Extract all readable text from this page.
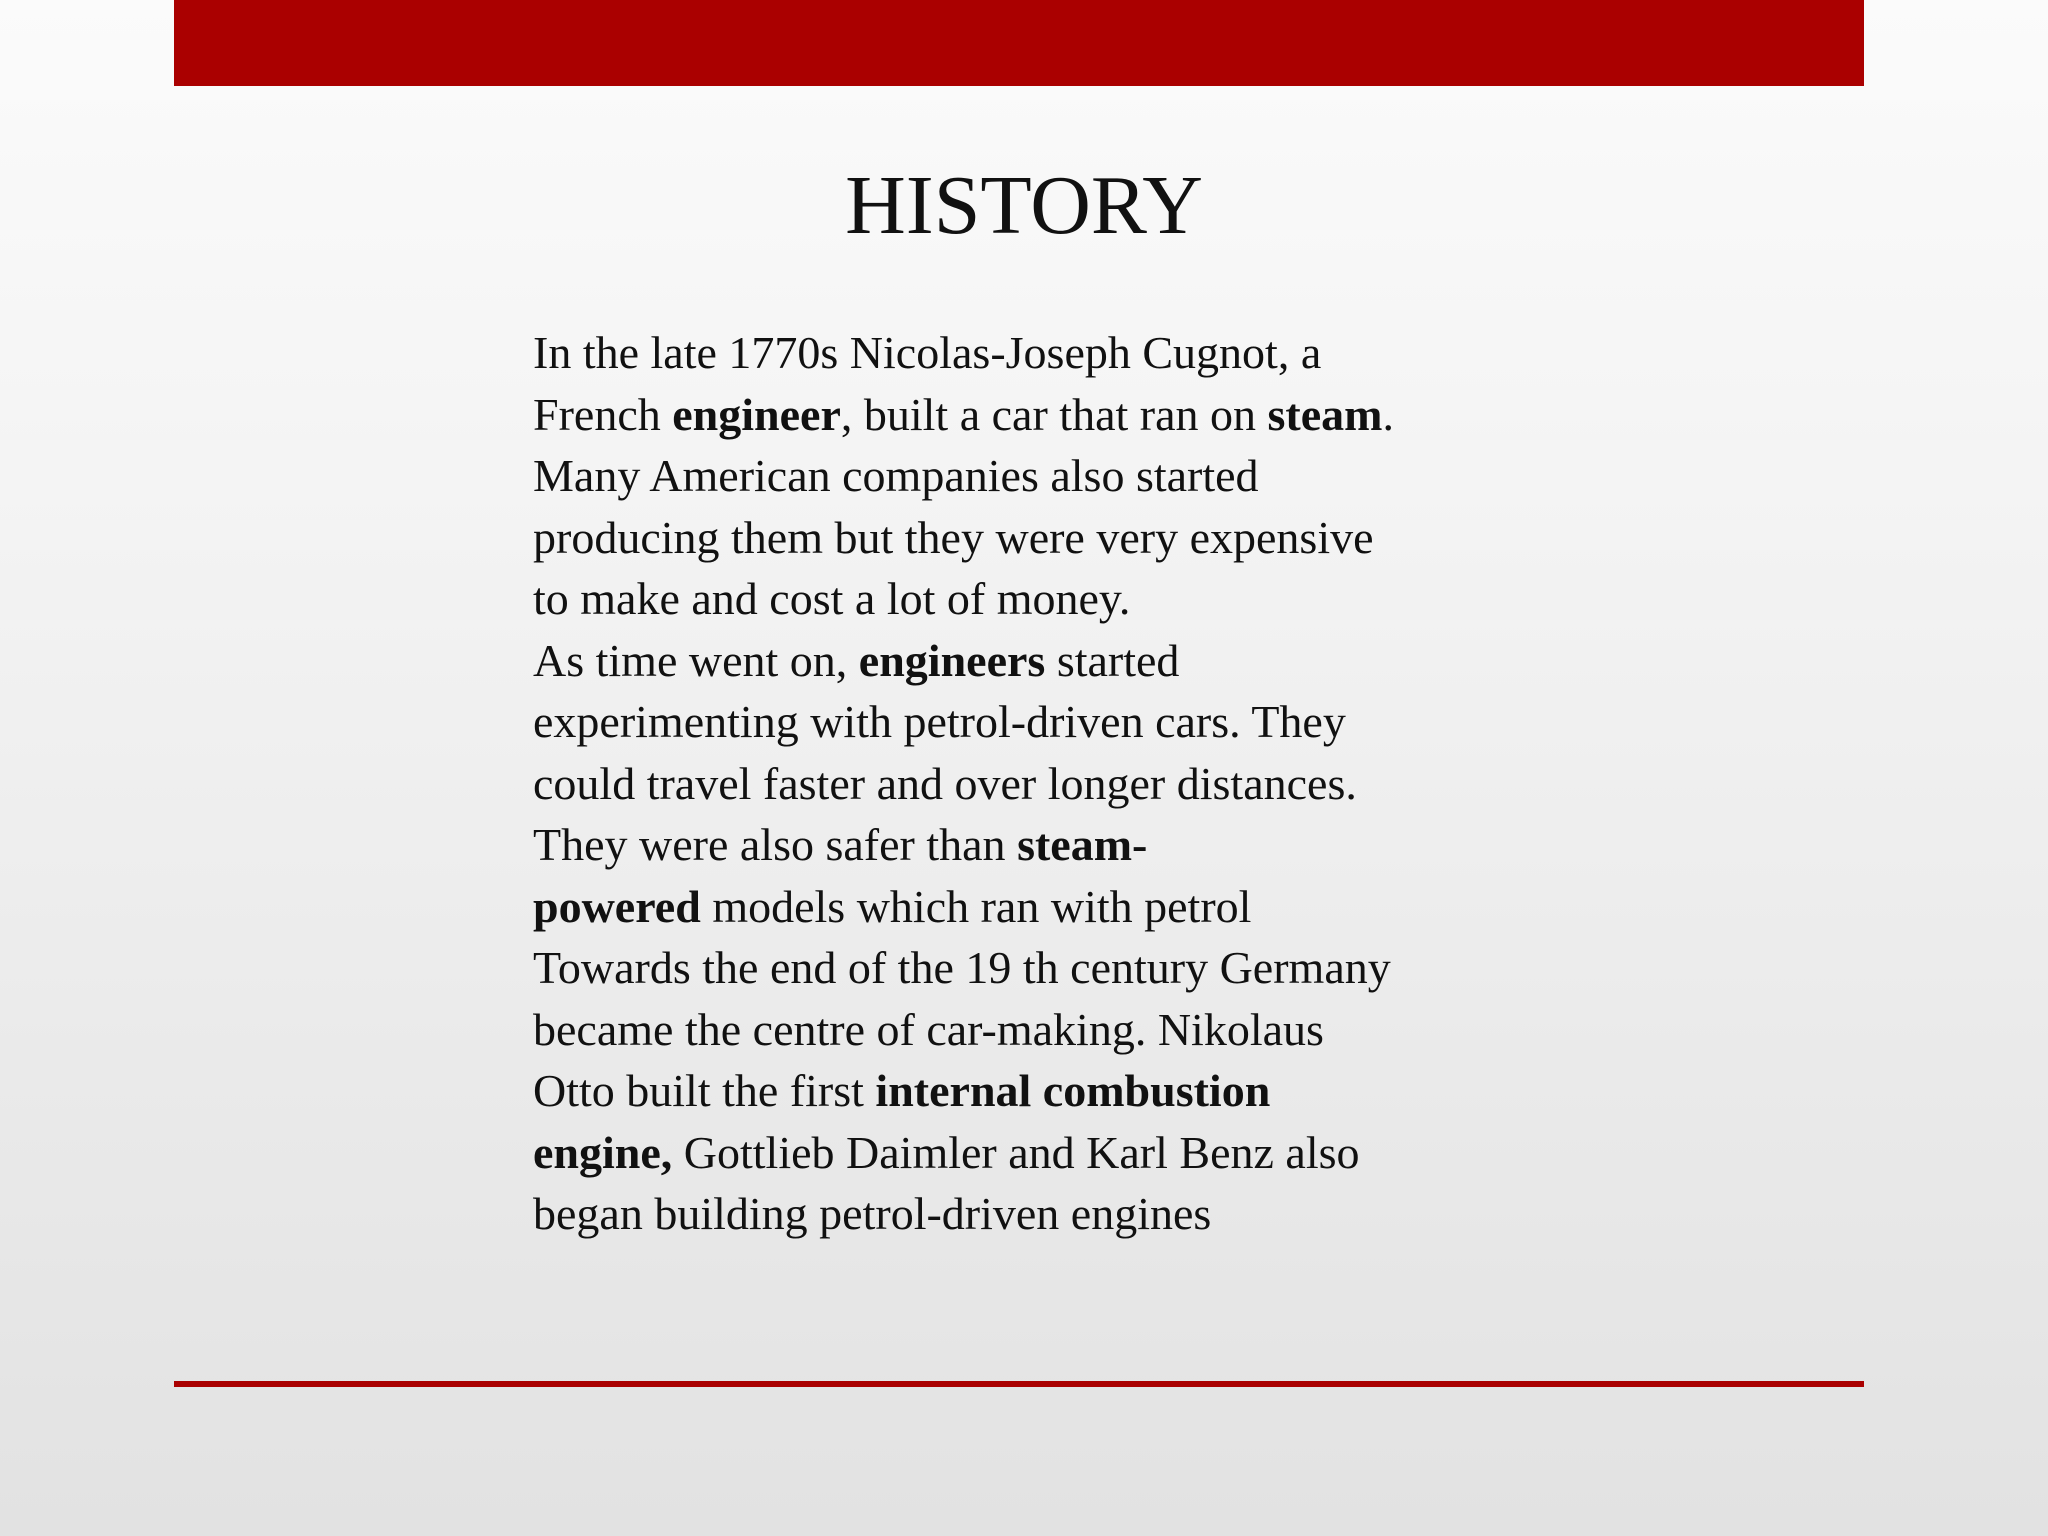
HISTORY
In the late 1770s Nicolas-Joseph Cugnot, a
French engineer, built a car that ran on steam.
Many American companies also started
producing them but they were very expensive
to make and cost a lot of money.
As time went on, engineers started
experimenting with petrol-driven cars. They
could travel faster and over longer distances.
They were also safer than steam-
powered models which ran with petrol
Towards the end of the 19 th century Germany
became the centre of car-making. Nikolaus
Otto built the first internal combustion
engine, Gottlieb Daimler and Karl Benz also
began building petrol-driven engines
